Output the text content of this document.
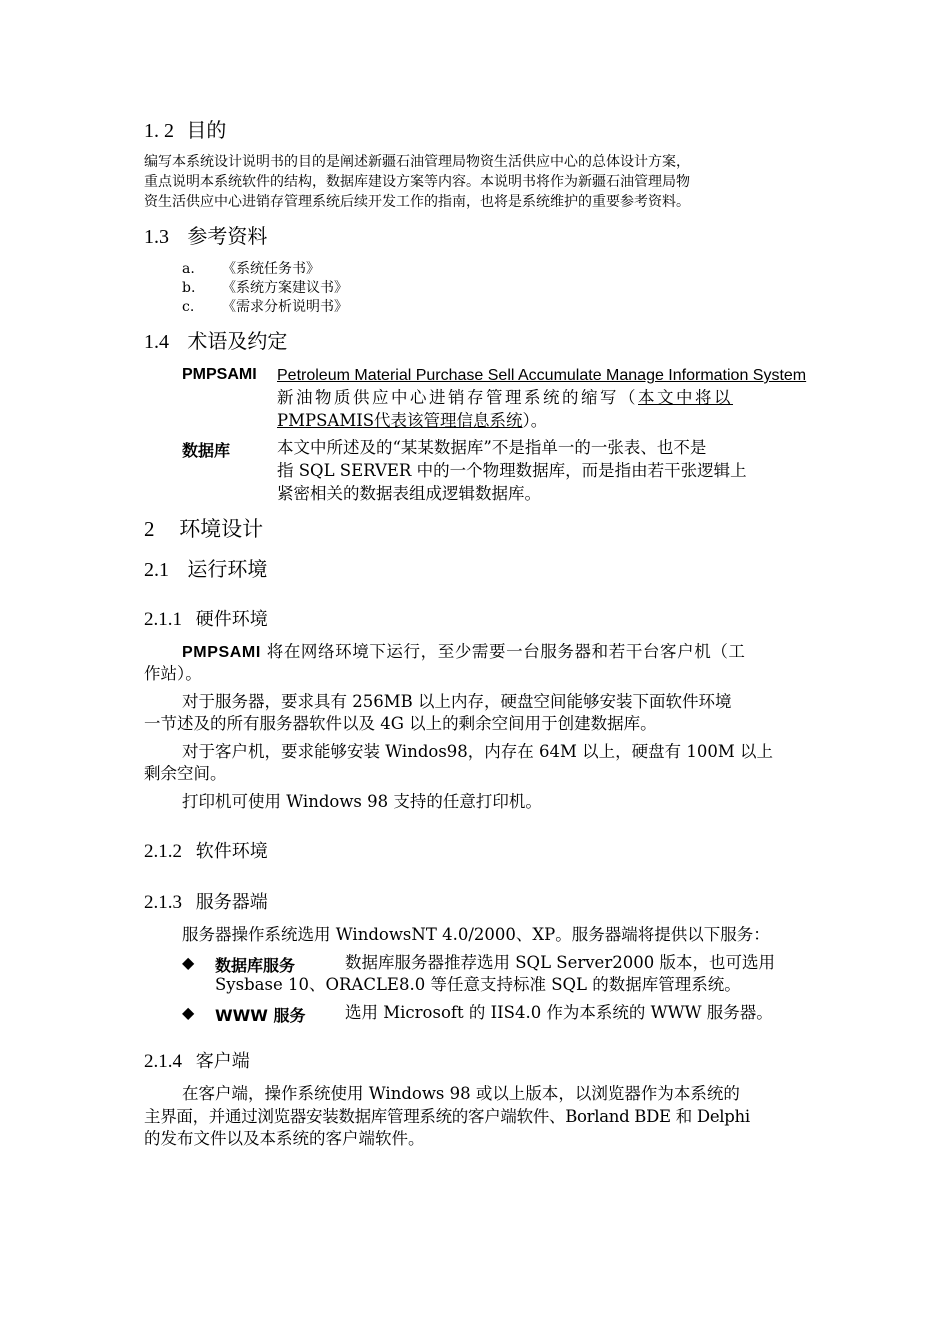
1. 2 目的
编写本系统设计说明书的目的是阐述新疆石油管理局物资生活供应中心的总体设计方案，
重点说明本系统软件的结构，数据库建设方案等内容。本说明书将作为新疆石油管理局物
资生活供应中心进销存管理系统后续开发工作的指南，也将是系统维护的重要参考资料。
1.3 参考资料
a. 《系统任务书》
b. 《系统方案建议书》
c. 《需求分析说明书》
1.4 术语及约定
PMPSAMI Petroleum Material Purchase Sell Accumulate Manage Information System
新油物质供应中心进销存管理系统的缩写（本文中将以
PMPSAMIS代表该管理信息系统）。
数据库	本文中所述及的“某某数据库”不是指单一的一张表、也不是
指 SQL SERVER 中的一个物理数据库，而是指由若干张逻辑上
紧密相关的数据表组成逻辑数据库。
2 环境设计
2.1 运行环境
2.1.1 硬件环境
PMPSAMI 将在网络环境下运行，至少需要一台服务器和若干台客户机（工
作站）。
对于服务器，要求具有 256MB 以上内存，硬盘空间能够安装下面软件环境
一节述及的所有服务器软件以及 4G 以上的剩余空间用于创建数据库。
对于客户机，要求能够安装 Windos98，内存在 64M 以上，硬盘有 100M 以上
剩余空间。
打印机可使用 Windows 98 支持的任意打印机。
2.1.2 软件环境
2.1.3 服务器端
服务器操作系统选用 WindowsNT 4.0/2000、XP。服务器端将提供以下服务：
◆ 数据库服务	数据库服务器推荐选用 SQL Server2000 版本，也可选用
Sysbase 10、ORACLE8.0 等任意支持标准 SQL 的数据库管理系统。
◆ WWW 服务 选用 Microsoft 的 IIS4.0 作为本系统的 WWW 服务器。
2.1.4 客户端
在客户端，操作系统使用 Windows 98 或以上版本，以浏览器作为本系统的
主界面，并通过浏览器安装数据库管理系统的客户端软件、Borland BDE 和 Delphi
的发布文件以及本系统的客户端软件。
